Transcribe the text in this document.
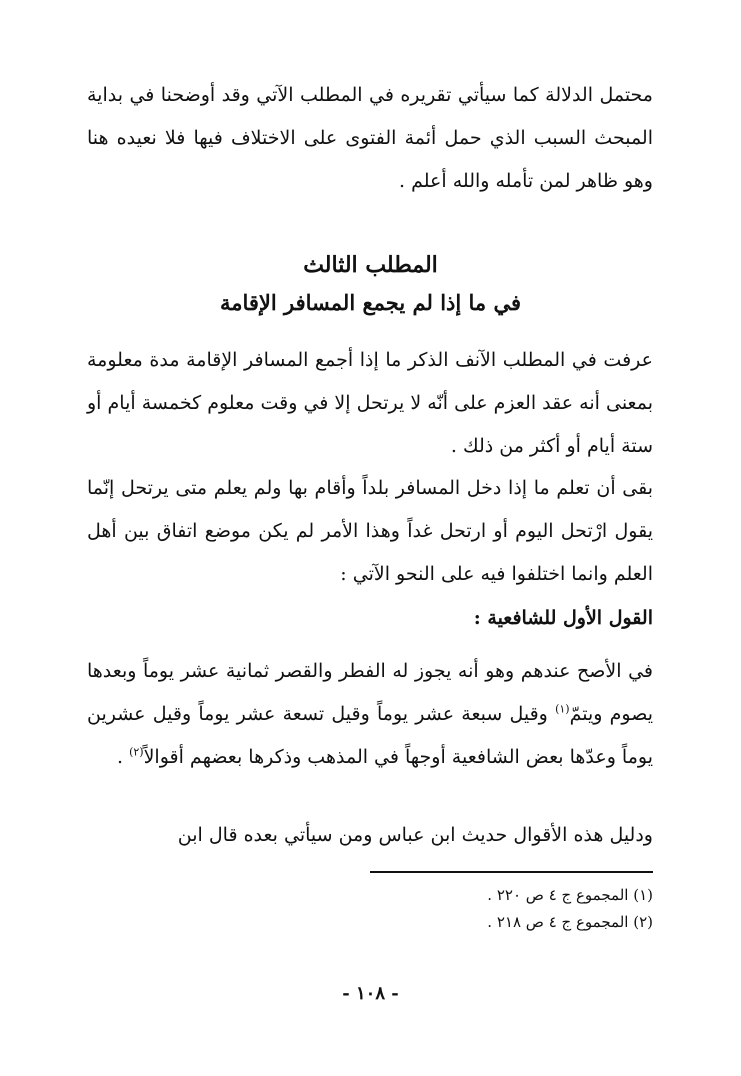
محتمل الدلالة كما سيأتي تقريره في المطلب الآتي وقد أوضحنا في بداية المبحث السبب الذي حمل أئمة الفتوى على الاختلاف فيها فلا نعيده هنا وهو ظاهر لمن تأمله والله أعلم .

المطلب الثالث
في ما إذا لم يجمع المسافر الإقامة

عرفت في المطلب الآنف الذكر ما إذا أجمع المسافر الإقامة مدة معلومة بمعنى أنه عقد العزم على أنّه لا يرتحل إلا في وقت معلوم كخمسة أيام أو ستة أيام أو أكثر من ذلك .

بقى أن تعلم ما إذا دخل المسافر بلداً وأقام بها ولم يعلم متى يرتحل إنّما يقول ارْتحل اليوم أو ارتحل غداً وهذا الأمر لم يكن موضع اتفاق بين أهل العلم وانما اختلفوا فيه على النحو الآتي :

القول الأول للشافعية :

في الأصح عندهم وهو أنه يجوز له الفطر والقصر ثمانية عشر يوماً وبعدها يصوم ويتمّ$^{(١)}$ وقيل سبعة عشر يوماً وقيل تسعة عشر يوماً وقيل عشرين يوماً وعدّها بعض الشافعية أوجهاً في المذهب وذكرها بعضهم أقوالاً$^{(٢)}$ .

ودليل هذه الأقوال حديث ابن عباس ومن سيأتي بعده قال ابن

(١) المجموع ج ٤ ص ٢٢٠ .

(٢) المجموع ج ٤ ص ٢١٨ .

- ١٠٨ -
